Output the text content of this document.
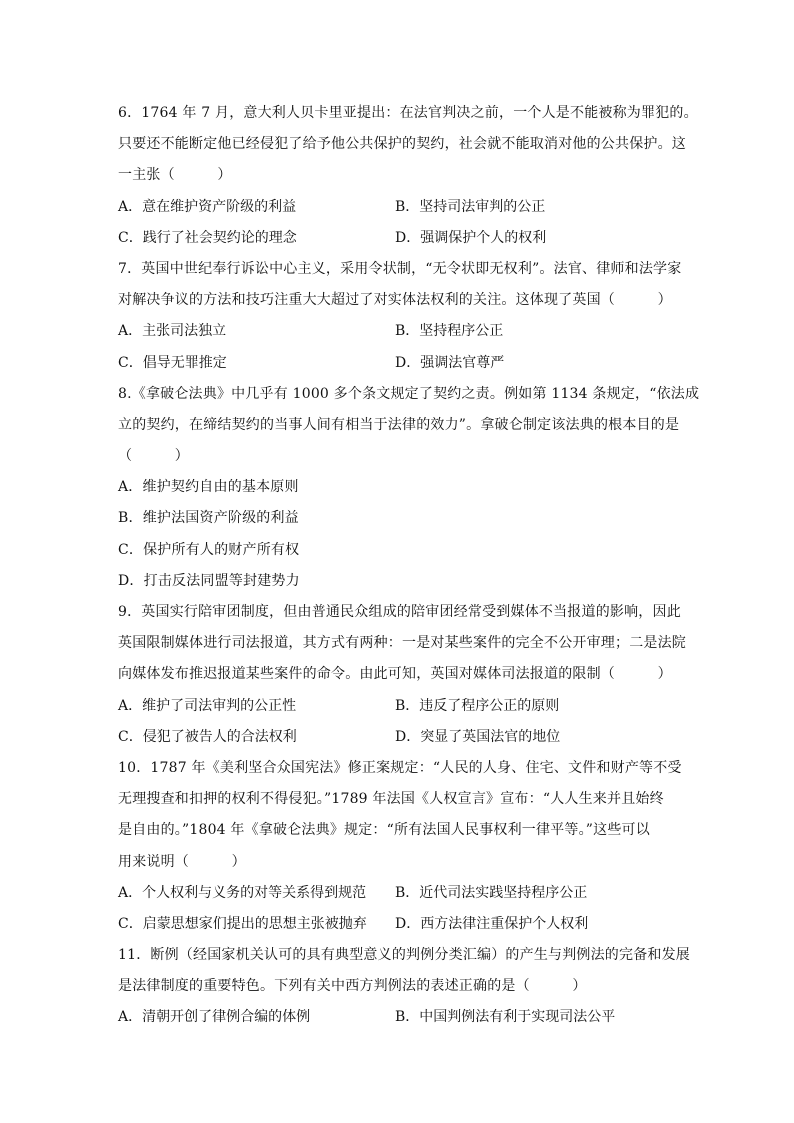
6．1764 年 7 月，意大利人贝卡里亚提出：在法官判决之前，一个人是不能被称为罪犯的。
只要还不能断定他已经侵犯了给予他公共保护的契约，社会就不能取消对他的公共保护。这
一主张（　　　）
A．意在维护资产阶级的利益	B．坚持司法审判的公正
C．践行了社会契约论的理念	D．强调保护个人的权利
7．英国中世纪奉行诉讼中心主义，采用令状制，“无令状即无权利”。法官、律师和法学家
对解决争议的方法和技巧注重大大超过了对实体法权利的关注。这体现了英国（　　　）
A．主张司法独立	B．坚持程序公正
C．倡导无罪推定	D．强调法官尊严
8.《拿破仑法典》中几乎有 1000 多个条文规定了契约之责。例如第 1134 条规定，“依法成
立的契约，在缔结契约的当事人间有相当于法律的效力”。拿破仑制定该法典的根本目的是
（　　　）
A．维护契约自由的基本原则
B．维护法国资产阶级的利益
C．保护所有人的财产所有权
D．打击反法同盟等封建势力
9．英国实行陪审团制度，但由普通民众组成的陪审团经常受到媒体不当报道的影响，因此
英国限制媒体进行司法报道，其方式有两种：一是对某些案件的完全不公开审理；二是法院
向媒体发布推迟报道某些案件的命令。由此可知，英国对媒体司法报道的限制（　　　）
A．维护了司法审判的公正性	B．违反了程序公正的原则
C．侵犯了被告人的合法权利	D．突显了英国法官的地位
10．1787 年《美利坚合众国宪法》修正案规定：“人民的人身、住宅、文件和财产等不受
无理搜查和扣押的权利不得侵犯。”1789 年法国《人权宣言》宣布：“人人生来并且始终
是自由的。”1804 年《拿破仑法典》规定：“所有法国人民事权利一律平等。”这些可以
用来说明（　　　）
A．个人权利与义务的对等关系得到规范	B．近代司法实践坚持程序公正
C．启蒙思想家们提出的思想主张被抛弃	D．西方法律注重保护个人权利
11．断例（经国家机关认可的具有典型意义的判例分类汇编）的产生与判例法的完备和发展
是法律制度的重要特色。下列有关中西方判例法的表述正确的是（　　　）
A．清朝开创了律例合编的体例	B．中国判例法有利于实现司法公平
